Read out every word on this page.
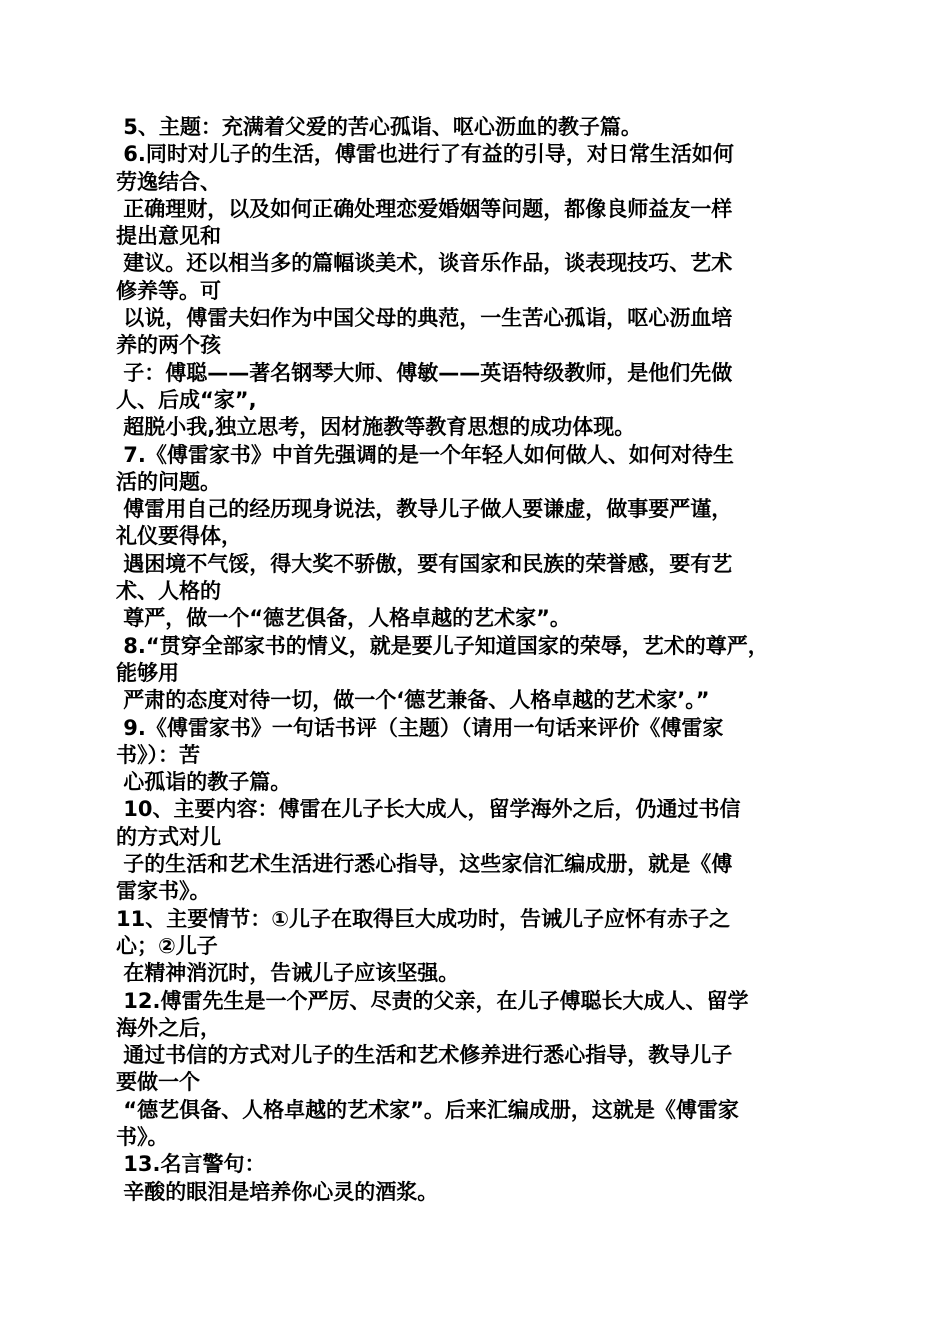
5、主题：充满着父爱的苦心孤诣、呕心沥血的教子篇。
6.同时对儿子的生活，傅雷也进行了有益的引导，对日常生活如何
劳逸结合、
正确理财，以及如何正确处理恋爱婚姻等问题，都像良师益友一样
提出意见和
建议。还以相当多的篇幅谈美术，谈音乐作品，谈表现技巧、艺术
修养等。可
以说，傅雷夫妇作为中国父母的典范，一生苦心孤诣，呕心沥血培
养的两个孩
子：傅聪——著名钢琴大师、傅敏——英语特级教师，是他们先做
人、后成“家”,
超脱小我,独立思考，因材施教等教育思想的成功体现。
7.《傅雷家书》中首先强调的是一个年轻人如何做人、如何对待生
活的问题。
傅雷用自己的经历现身说法，教导儿子做人要谦虚，做事要严谨，
礼仪要得体，
遇困境不气馁，得大奖不骄傲，要有国家和民族的荣誉感，要有艺
术、人格的
尊严，做一个“德艺俱备，人格卓越的艺术家”。
8.“贯穿全部家书的情义，就是要儿子知道国家的荣辱，艺术的尊严，
能够用
严肃的态度对待一切，做一个‘德艺兼备、人格卓越的艺术家’。”
9.《傅雷家书》一句话书评（主题）（请用一句话来评价《傅雷家
书》）：苦
心孤诣的教子篇。
10、主要内容：傅雷在儿子长大成人，留学海外之后，仍通过书信
的方式对儿
子的生活和艺术生活进行悉心指导，这些家信汇编成册，就是《傅
雷家书》。
11、主要情节：①儿子在取得巨大成功时，告诫儿子应怀有赤子之
心；②儿子
在精神消沉时，告诫儿子应该坚强。
12.傅雷先生是一个严厉、尽责的父亲，在儿子傅聪长大成人、留学
海外之后，
通过书信的方式对儿子的生活和艺术修养进行悉心指导，教导儿子
要做一个
“德艺俱备、人格卓越的艺术家”。后来汇编成册，这就是《傅雷家
书》。
13.名言警句：
辛酸的眼泪是培养你心灵的酒浆。
